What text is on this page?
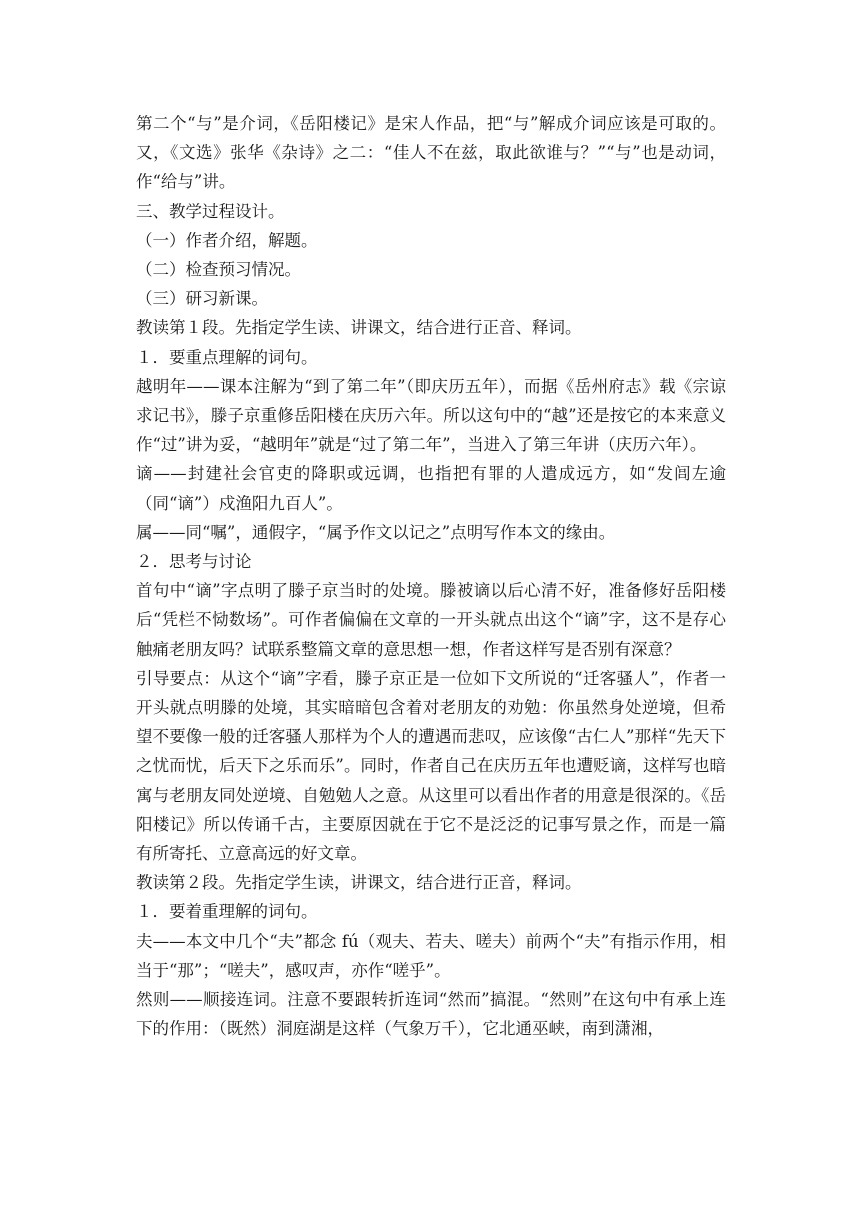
第二个“与”是介词，《岳阳楼记》是宋人作品，把“与”解成介词应该是可取的。又，《文选》张华《杂诗》之二：“佳人不在兹，取此欲谁与？”“与”也是动词，作“给与”讲。

三、教学过程设计。

（一）作者介绍，解题。

（二）检查预习情况。

（三）研习新课。

教读第１段。先指定学生读、讲课文，结合进行正音、释词。

１．要重点理解的词句。

越明年——课本注解为“到了第二年”（即庆历五年），而据《岳州府志》载《宗谅求记书》，滕子京重修岳阳楼在庆历六年。所以这句中的“越”还是按它的本来意义作“过”讲为妥，“越明年”就是“过了第二年”，当进入了第三年讲（庆历六年）。

谪——封建社会官吏的降职或远调，也指把有罪的人遣成远方，如“发闾左逾（同“谪”）戍渔阳九百人”。

属——同“嘱”，通假字，“属予作文以记之”点明写作本文的缘由。

２．思考与讨论

首句中“谪”字点明了滕子京当时的处境。滕被谪以后心清不好，准备修好岳阳楼后“凭栏不恸数场”。可作者偏偏在文章的一开头就点出这个“谪”字，这不是存心触痛老朋友吗？试联系整篇文章的意思想一想，作者这样写是否别有深意？

引导要点：从这个“谪”字看，滕子京正是一位如下文所说的“迁客骚人”，作者一开头就点明滕的处境，其实暗暗包含着对老朋友的劝勉：你虽然身处逆境，但希望不要像一般的迁客骚人那样为个人的遭遇而悲叹，应该像“古仁人”那样“先天下之忧而忧，后天下之乐而乐”。同时，作者自己在庆历五年也遭贬谪，这样写也暗寓与老朋友同处逆境、自勉勉人之意。从这里可以看出作者的用意是很深的。《岳阳楼记》所以传诵千古，主要原因就在于它不是泛泛的记事写景之作，而是一篇有所寄托、立意高远的好文章。

教读第２段。先指定学生读，讲课文，结合进行正音，释词。

１．要着重理解的词句。

夫——本文中几个“夫”都念 fú（观夫、若夫、嗟夫）前两个“夫”有指示作用，相当于“那”；“嗟夫”，感叹声，亦作“嗟乎”。

然则——顺接连词。注意不要跟转折连词“然而”搞混。“然则”在这句中有承上连下的作用：（既然）洞庭湖是这样（气象万千），它北通巫峡，南到潇湘，
